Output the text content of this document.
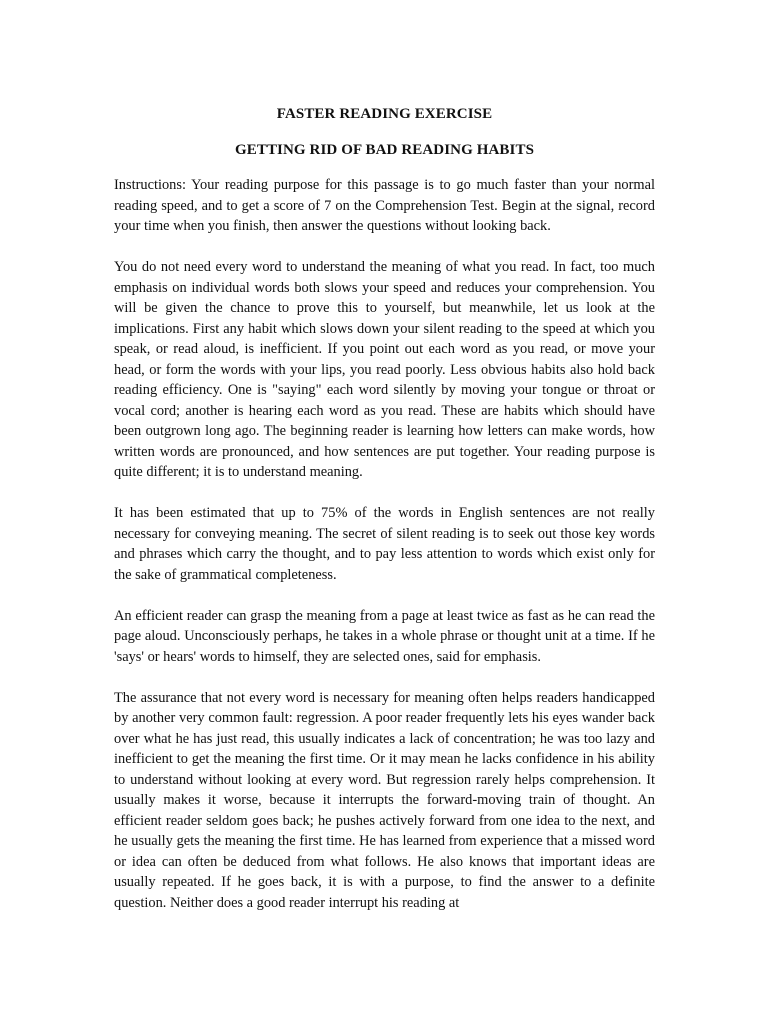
FASTER READING EXERCISE

GETTING RID OF BAD READING HABITS

Instructions: Your reading purpose for this passage is to go much faster than your normal reading speed, and to get a score of 7 on the Comprehension Test. Begin at the signal, record your time when you finish, then answer the questions without looking back.

You do not need every word to understand the meaning of what you read. In fact, too much emphasis on individual words both slows your speed and reduces your comprehension. You will be given the chance to prove this to yourself, but meanwhile, let us look at the implications. First any habit which slows down your silent reading to the speed at which you speak, or read aloud, is inefficient. If you point out each word as you read, or move your head, or form the words with your lips, you read poorly. Less obvious habits also hold back reading efficiency. One is "saying" each word silently by moving your tongue or throat or vocal cord; another is hearing each word as you read. These are habits which should have been outgrown long ago. The beginning reader is learning how letters can make words, how written words are pronounced, and how sentences are put together. Your reading purpose is quite different; it is to understand meaning.

It has been estimated that up to 75% of the words in English sentences are not really necessary for conveying meaning. The secret of silent reading is to seek out those key words and phrases which carry the thought, and to pay less attention to words which exist only for the sake of grammatical completeness.

An efficient reader can grasp the meaning from a page at least twice as fast as he can read the page aloud. Unconsciously perhaps, he takes in a whole phrase or thought unit at a time. If he 'says' or hears' words to himself, they are selected ones, said for emphasis.

The assurance that not every word is necessary for meaning often helps readers handicapped by another very common fault: regression. A poor reader frequently lets his eyes wander back over what he has just read, this usually indicates a lack of concentration; he was too lazy and inefficient to get the meaning the first time. Or it may mean he lacks confidence in his ability to understand without looking at every word. But regression rarely helps comprehension. It usually makes it worse, because it interrupts the forward-moving train of thought. An efficient reader seldom goes back; he pushes actively forward from one idea to the next, and he usually gets the meaning the first time. He has learned from experience that a missed word or idea can often be deduced from what follows. He also knows that important ideas are usually repeated. If he goes back, it is with a purpose, to find the answer to a definite question. Neither does a good reader interrupt his reading at
